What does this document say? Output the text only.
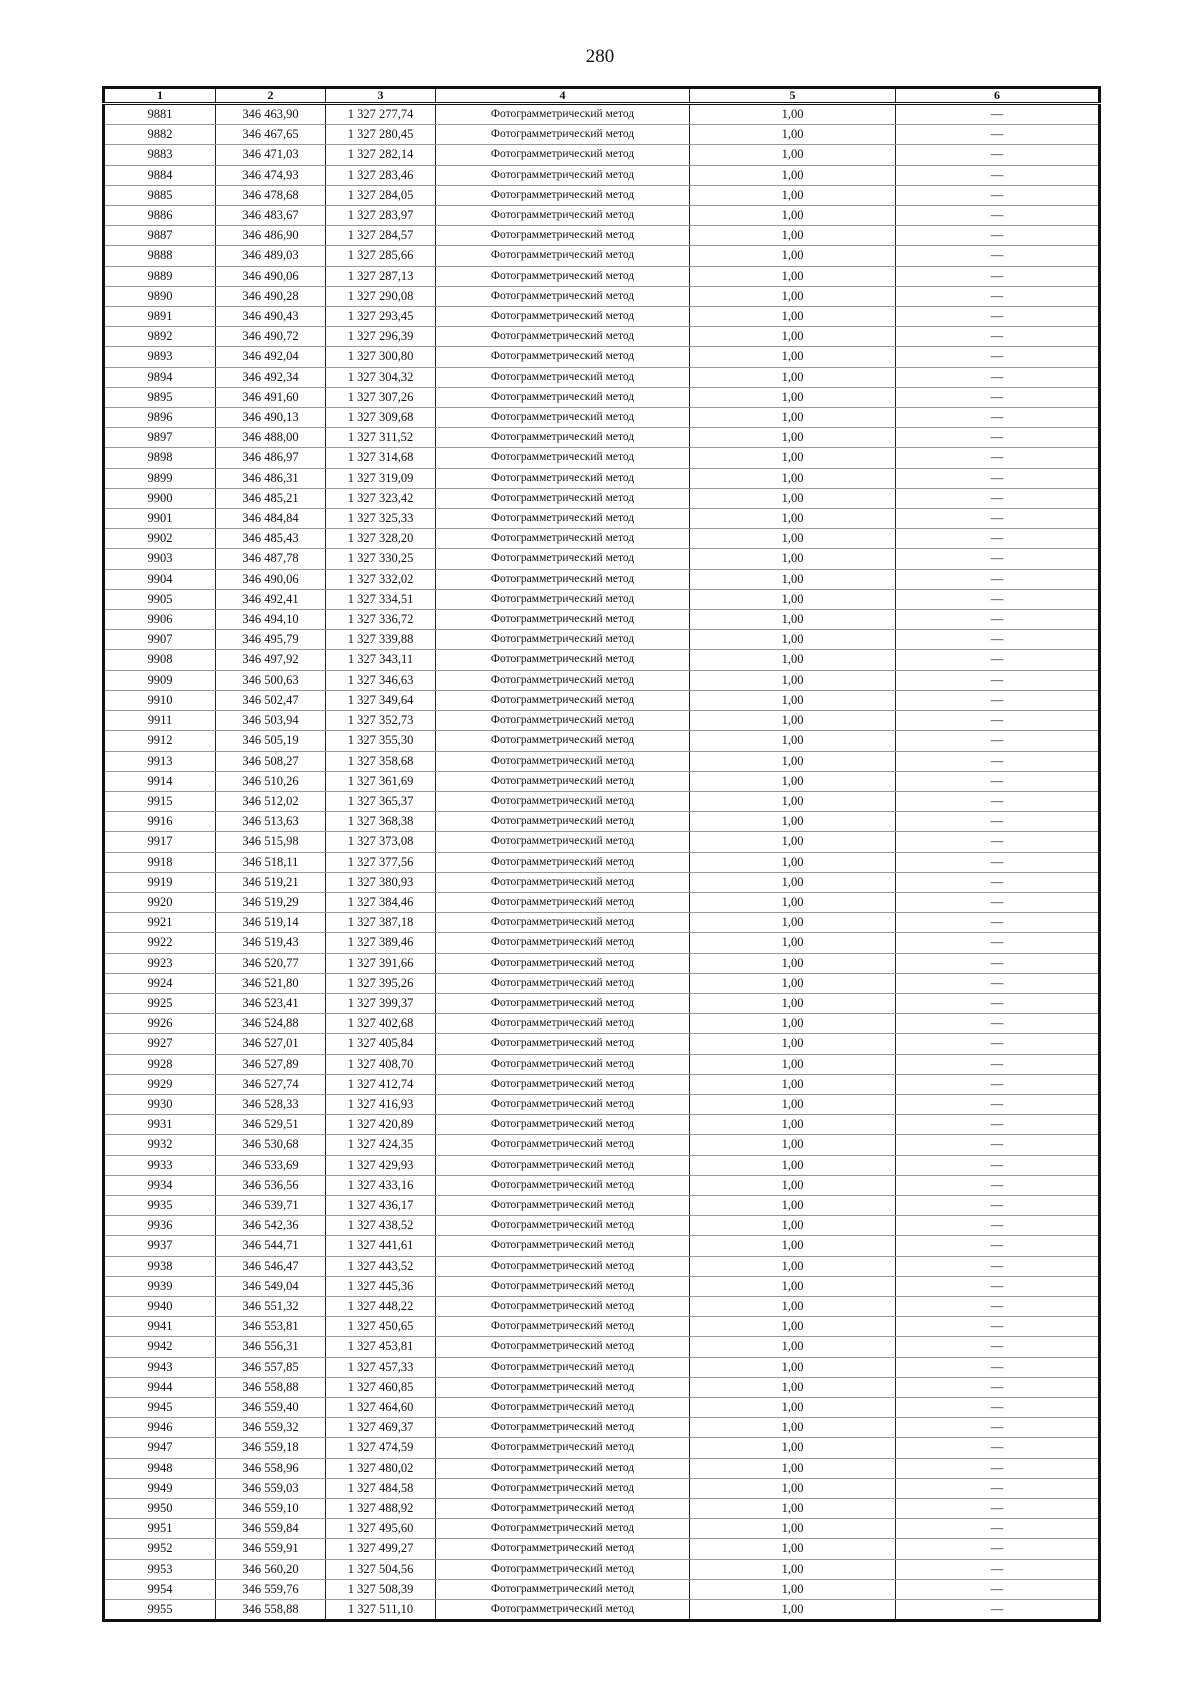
280
1	2	3	4	5	6
9881	346 463,90	1 327 277,74	Фотограмметрический метод	1,00	—
9882	346 467,65	1 327 280,45	Фотограмметрический метод	1,00	—
9883	346 471,03	1 327 282,14	Фотограмметрический метод	1,00	—
9884	346 474,93	1 327 283,46	Фотограмметрический метод	1,00	—
9885	346 478,68	1 327 284,05	Фотограмметрический метод	1,00	—
9886	346 483,67	1 327 283,97	Фотограмметрический метод	1,00	—
9887	346 486,90	1 327 284,57	Фотограмметрический метод	1,00	—
9888	346 489,03	1 327 285,66	Фотограмметрический метод	1,00	—
9889	346 490,06	1 327 287,13	Фотограмметрический метод	1,00	—
9890	346 490,28	1 327 290,08	Фотограмметрический метод	1,00	—
9891	346 490,43	1 327 293,45	Фотограмметрический метод	1,00	—
9892	346 490,72	1 327 296,39	Фотограмметрический метод	1,00	—
9893	346 492,04	1 327 300,80	Фотограмметрический метод	1,00	—
9894	346 492,34	1 327 304,32	Фотограмметрический метод	1,00	—
9895	346 491,60	1 327 307,26	Фотограмметрический метод	1,00	—
9896	346 490,13	1 327 309,68	Фотограмметрический метод	1,00	—
9897	346 488,00	1 327 311,52	Фотограмметрический метод	1,00	—
9898	346 486,97	1 327 314,68	Фотограмметрический метод	1,00	—
9899	346 486,31	1 327 319,09	Фотограмметрический метод	1,00	—
9900	346 485,21	1 327 323,42	Фотограмметрический метод	1,00	—
9901	346 484,84	1 327 325,33	Фотограмметрический метод	1,00	—
9902	346 485,43	1 327 328,20	Фотограмметрический метод	1,00	—
9903	346 487,78	1 327 330,25	Фотограмметрический метод	1,00	—
9904	346 490,06	1 327 332,02	Фотограмметрический метод	1,00	—
9905	346 492,41	1 327 334,51	Фотограмметрический метод	1,00	—
9906	346 494,10	1 327 336,72	Фотограмметрический метод	1,00	—
9907	346 495,79	1 327 339,88	Фотограмметрический метод	1,00	—
9908	346 497,92	1 327 343,11	Фотограмметрический метод	1,00	—
9909	346 500,63	1 327 346,63	Фотограмметрический метод	1,00	—
9910	346 502,47	1 327 349,64	Фотограмметрический метод	1,00	—
9911	346 503,94	1 327 352,73	Фотограмметрический метод	1,00	—
9912	346 505,19	1 327 355,30	Фотограмметрический метод	1,00	—
9913	346 508,27	1 327 358,68	Фотограмметрический метод	1,00	—
9914	346 510,26	1 327 361,69	Фотограмметрический метод	1,00	—
9915	346 512,02	1 327 365,37	Фотограмметрический метод	1,00	—
9916	346 513,63	1 327 368,38	Фотограмметрический метод	1,00	—
9917	346 515,98	1 327 373,08	Фотограмметрический метод	1,00	—
9918	346 518,11	1 327 377,56	Фотограмметрический метод	1,00	—
9919	346 519,21	1 327 380,93	Фотограмметрический метод	1,00	—
9920	346 519,29	1 327 384,46	Фотограмметрический метод	1,00	—
9921	346 519,14	1 327 387,18	Фотограмметрический метод	1,00	—
9922	346 519,43	1 327 389,46	Фотограмметрический метод	1,00	—
9923	346 520,77	1 327 391,66	Фотограмметрический метод	1,00	—
9924	346 521,80	1 327 395,26	Фотограмметрический метод	1,00	—
9925	346 523,41	1 327 399,37	Фотограмметрический метод	1,00	—
9926	346 524,88	1 327 402,68	Фотограмметрический метод	1,00	—
9927	346 527,01	1 327 405,84	Фотограмметрический метод	1,00	—
9928	346 527,89	1 327 408,70	Фотограмметрический метод	1,00	—
9929	346 527,74	1 327 412,74	Фотограмметрический метод	1,00	—
9930	346 528,33	1 327 416,93	Фотограмметрический метод	1,00	—
9931	346 529,51	1 327 420,89	Фотограмметрический метод	1,00	—
9932	346 530,68	1 327 424,35	Фотограмметрический метод	1,00	—
9933	346 533,69	1 327 429,93	Фотограмметрический метод	1,00	—
9934	346 536,56	1 327 433,16	Фотограмметрический метод	1,00	—
9935	346 539,71	1 327 436,17	Фотограмметрический метод	1,00	—
9936	346 542,36	1 327 438,52	Фотограмметрический метод	1,00	—
9937	346 544,71	1 327 441,61	Фотограмметрический метод	1,00	—
9938	346 546,47	1 327 443,52	Фотограмметрический метод	1,00	—
9939	346 549,04	1 327 445,36	Фотограмметрический метод	1,00	—
9940	346 551,32	1 327 448,22	Фотограмметрический метод	1,00	—
9941	346 553,81	1 327 450,65	Фотограмметрический метод	1,00	—
9942	346 556,31	1 327 453,81	Фотограмметрический метод	1,00	—
9943	346 557,85	1 327 457,33	Фотограмметрический метод	1,00	—
9944	346 558,88	1 327 460,85	Фотограмметрический метод	1,00	—
9945	346 559,40	1 327 464,60	Фотограмметрический метод	1,00	—
9946	346 559,32	1 327 469,37	Фотограмметрический метод	1,00	—
9947	346 559,18	1 327 474,59	Фотограмметрический метод	1,00	—
9948	346 558,96	1 327 480,02	Фотограмметрический метод	1,00	—
9949	346 559,03	1 327 484,58	Фотограмметрический метод	1,00	—
9950	346 559,10	1 327 488,92	Фотограмметрический метод	1,00	—
9951	346 559,84	1 327 495,60	Фотограмметрический метод	1,00	—
9952	346 559,91	1 327 499,27	Фотограмметрический метод	1,00	—
9953	346 560,20	1 327 504,56	Фотограмметрический метод	1,00	—
9954	346 559,76	1 327 508,39	Фотограмметрический метод	1,00	—
9955	346 558,88	1 327 511,10	Фотограмметрический метод	1,00	—
